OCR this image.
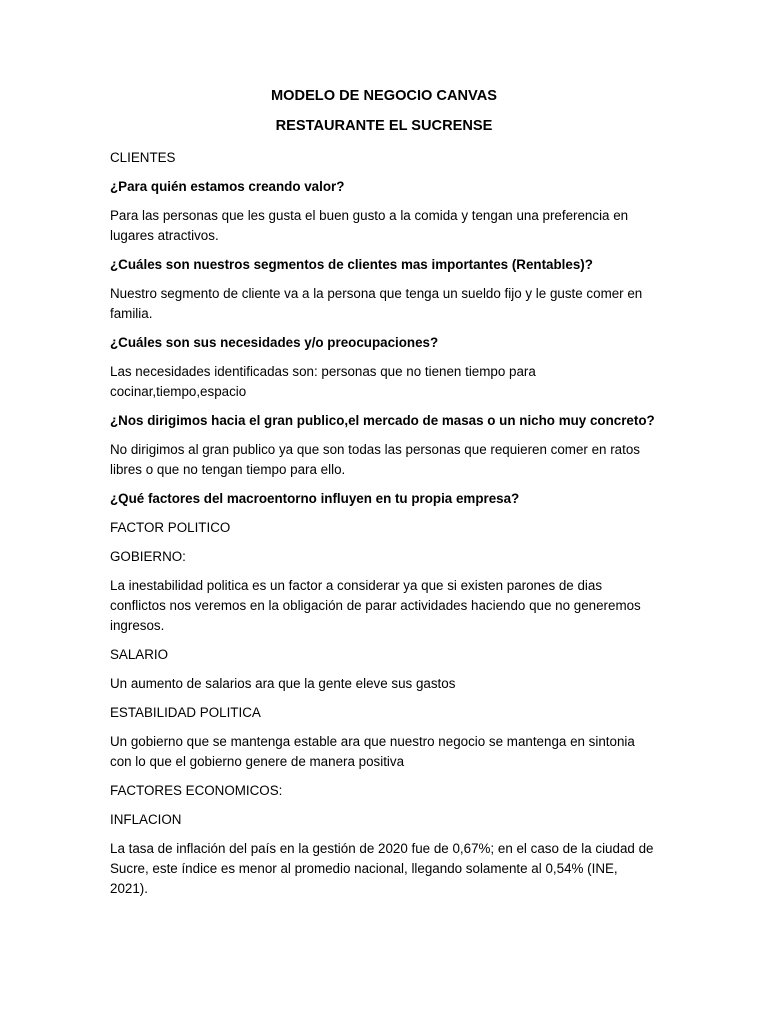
MODELO DE NEGOCIO CANVAS

RESTAURANTE EL SUCRENSE

CLIENTES

¿Para quién estamos creando valor?

Para las personas que les gusta el buen gusto a la comida y tengan una preferencia en lugares atractivos.

¿Cuáles son nuestros segmentos de clientes mas importantes (Rentables)?

Nuestro segmento de cliente va a la persona que tenga un sueldo fijo y le guste comer en familia.

¿Cuáles son sus necesidades y/o preocupaciones?

Las necesidades identificadas son: personas que no tienen tiempo para cocinar,tiempo,espacio

¿Nos dirigimos hacia el gran publico,el mercado de masas o un nicho muy concreto?

No dirigimos al gran publico ya que son todas las personas que requieren comer en ratos libres o que no tengan tiempo para ello.

¿Qué factores del macroentorno influyen en tu propia empresa?

FACTOR POLITICO

GOBIERNO:

La inestabilidad politica es un factor a considerar ya que si existen parones de dias conflictos nos veremos en la obligación de parar actividades haciendo que no generemos ingresos.

SALARIO

Un aumento de salarios ara que la gente eleve sus gastos

ESTABILIDAD POLITICA

Un gobierno que se mantenga estable ara que nuestro negocio se mantenga en sintonia con lo que el gobierno genere de manera positiva

FACTORES ECONOMICOS:

INFLACION

La tasa de inflación del país en la gestión de 2020 fue de 0,67%; en el caso de la ciudad de Sucre, este índice es menor al promedio nacional, llegando solamente al 0,54% (INE, 2021).
